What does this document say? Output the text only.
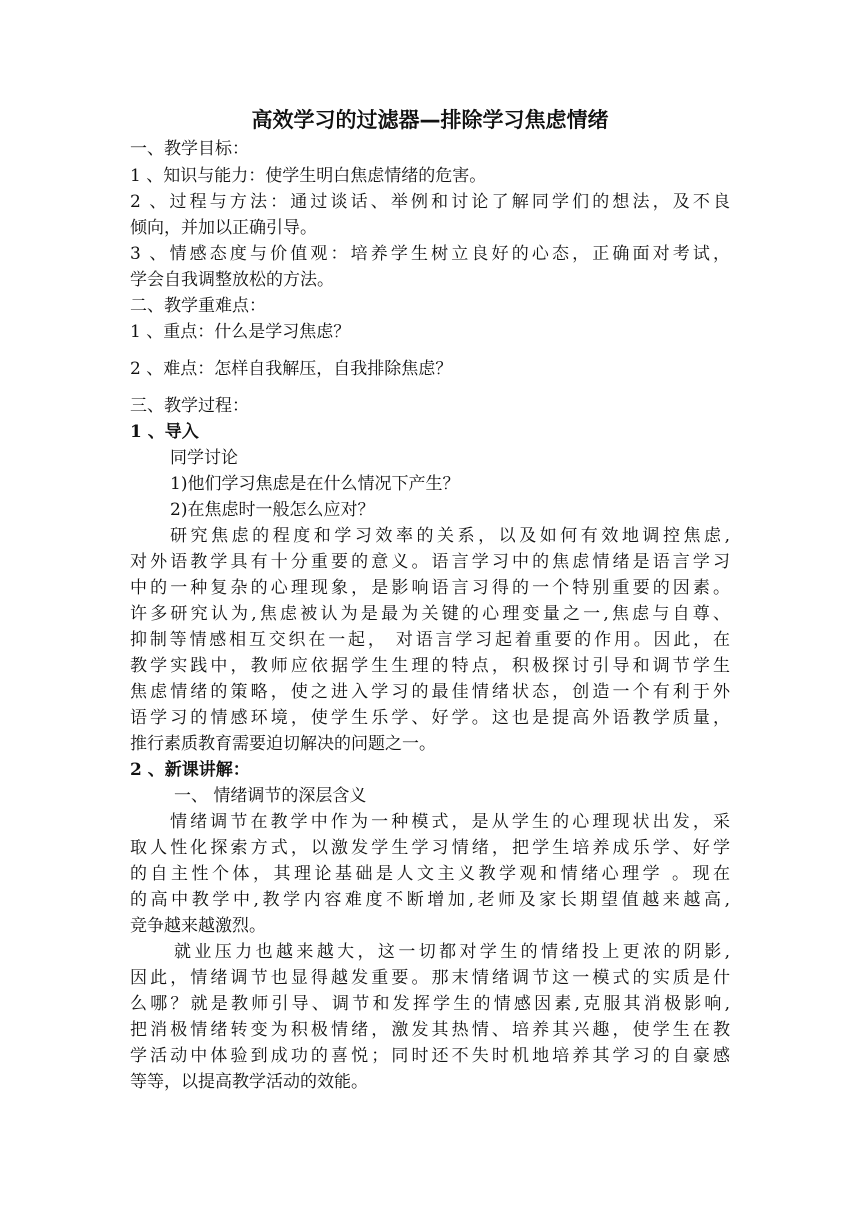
高效学习的过滤器—排除学习焦虑情绪
一、教学目标：
1 、知识与能力：使学生明白焦虑情绪的危害。
2 、过程与方法：通过谈话、举例和讨论了解同学们的想法，及不良
倾向，并加以正确引导。
3 、情感态度与价值观：培养学生树立良好的心态，正确面对考试，
学会自我调整放松的方法。
二、教学重难点：
1 、重点：什么是学习焦虑？
2 、难点：怎样自我解压，自我排除焦虑？
三、教学过程：
1 、导入
同学讨论
1)他们学习焦虑是在什么情况下产生？
2)在焦虑时一般怎么应对？
研究焦虑的程度和学习效率的关系，以及如何有效地调控焦虑,
对外语教学具有十分重要的意义。语言学习中的焦虑情绪是语言学习
中的一种复杂的心理现象，是影响语言习得的一个特别重要的因素。
许多研究认为,焦虑被认为是最为关键的心理变量之一,焦虑与自尊、
抑制等情感相互交织在一起， 对语言学习起着重要的作用。因此，在
教学实践中，教师应依据学生生理的特点，积极探讨引导和调节学生
焦虑情绪的策略，使之进入学习的最佳情绪状态，创造一个有利于外
语学习的情感环境，使学生乐学、好学。这也是提高外语教学质量，
推行素质教育需要迫切解决的问题之一。
2 、新课讲解：
一、 情绪调节的深层含义
情绪调节在教学中作为一种模式，是从学生的心理现状出发，采
取人性化探索方式，以激发学生学习情绪，把学生培养成乐学、好学
的自主性个体，其理论基础是人文主义教学观和情绪心理学 。现在
的高中教学中,教学内容难度不断增加,老师及家长期望值越来越高,
竞争越来越激烈。
就业压力也越来越大，这一切都对学生的情绪投上更浓的阴影,
因此，情绪调节也显得越发重要。那末情绪调节这一模式的实质是什
么哪？就是教师引导、调节和发挥学生的情感因素,克服其消极影响,
把消极情绪转变为积极情绪，激发其热情、培养其兴趣，使学生在教
学活动中体验到成功的喜悦；同时还不失时机地培养其学习的自豪感
等等，以提高教学活动的效能。
